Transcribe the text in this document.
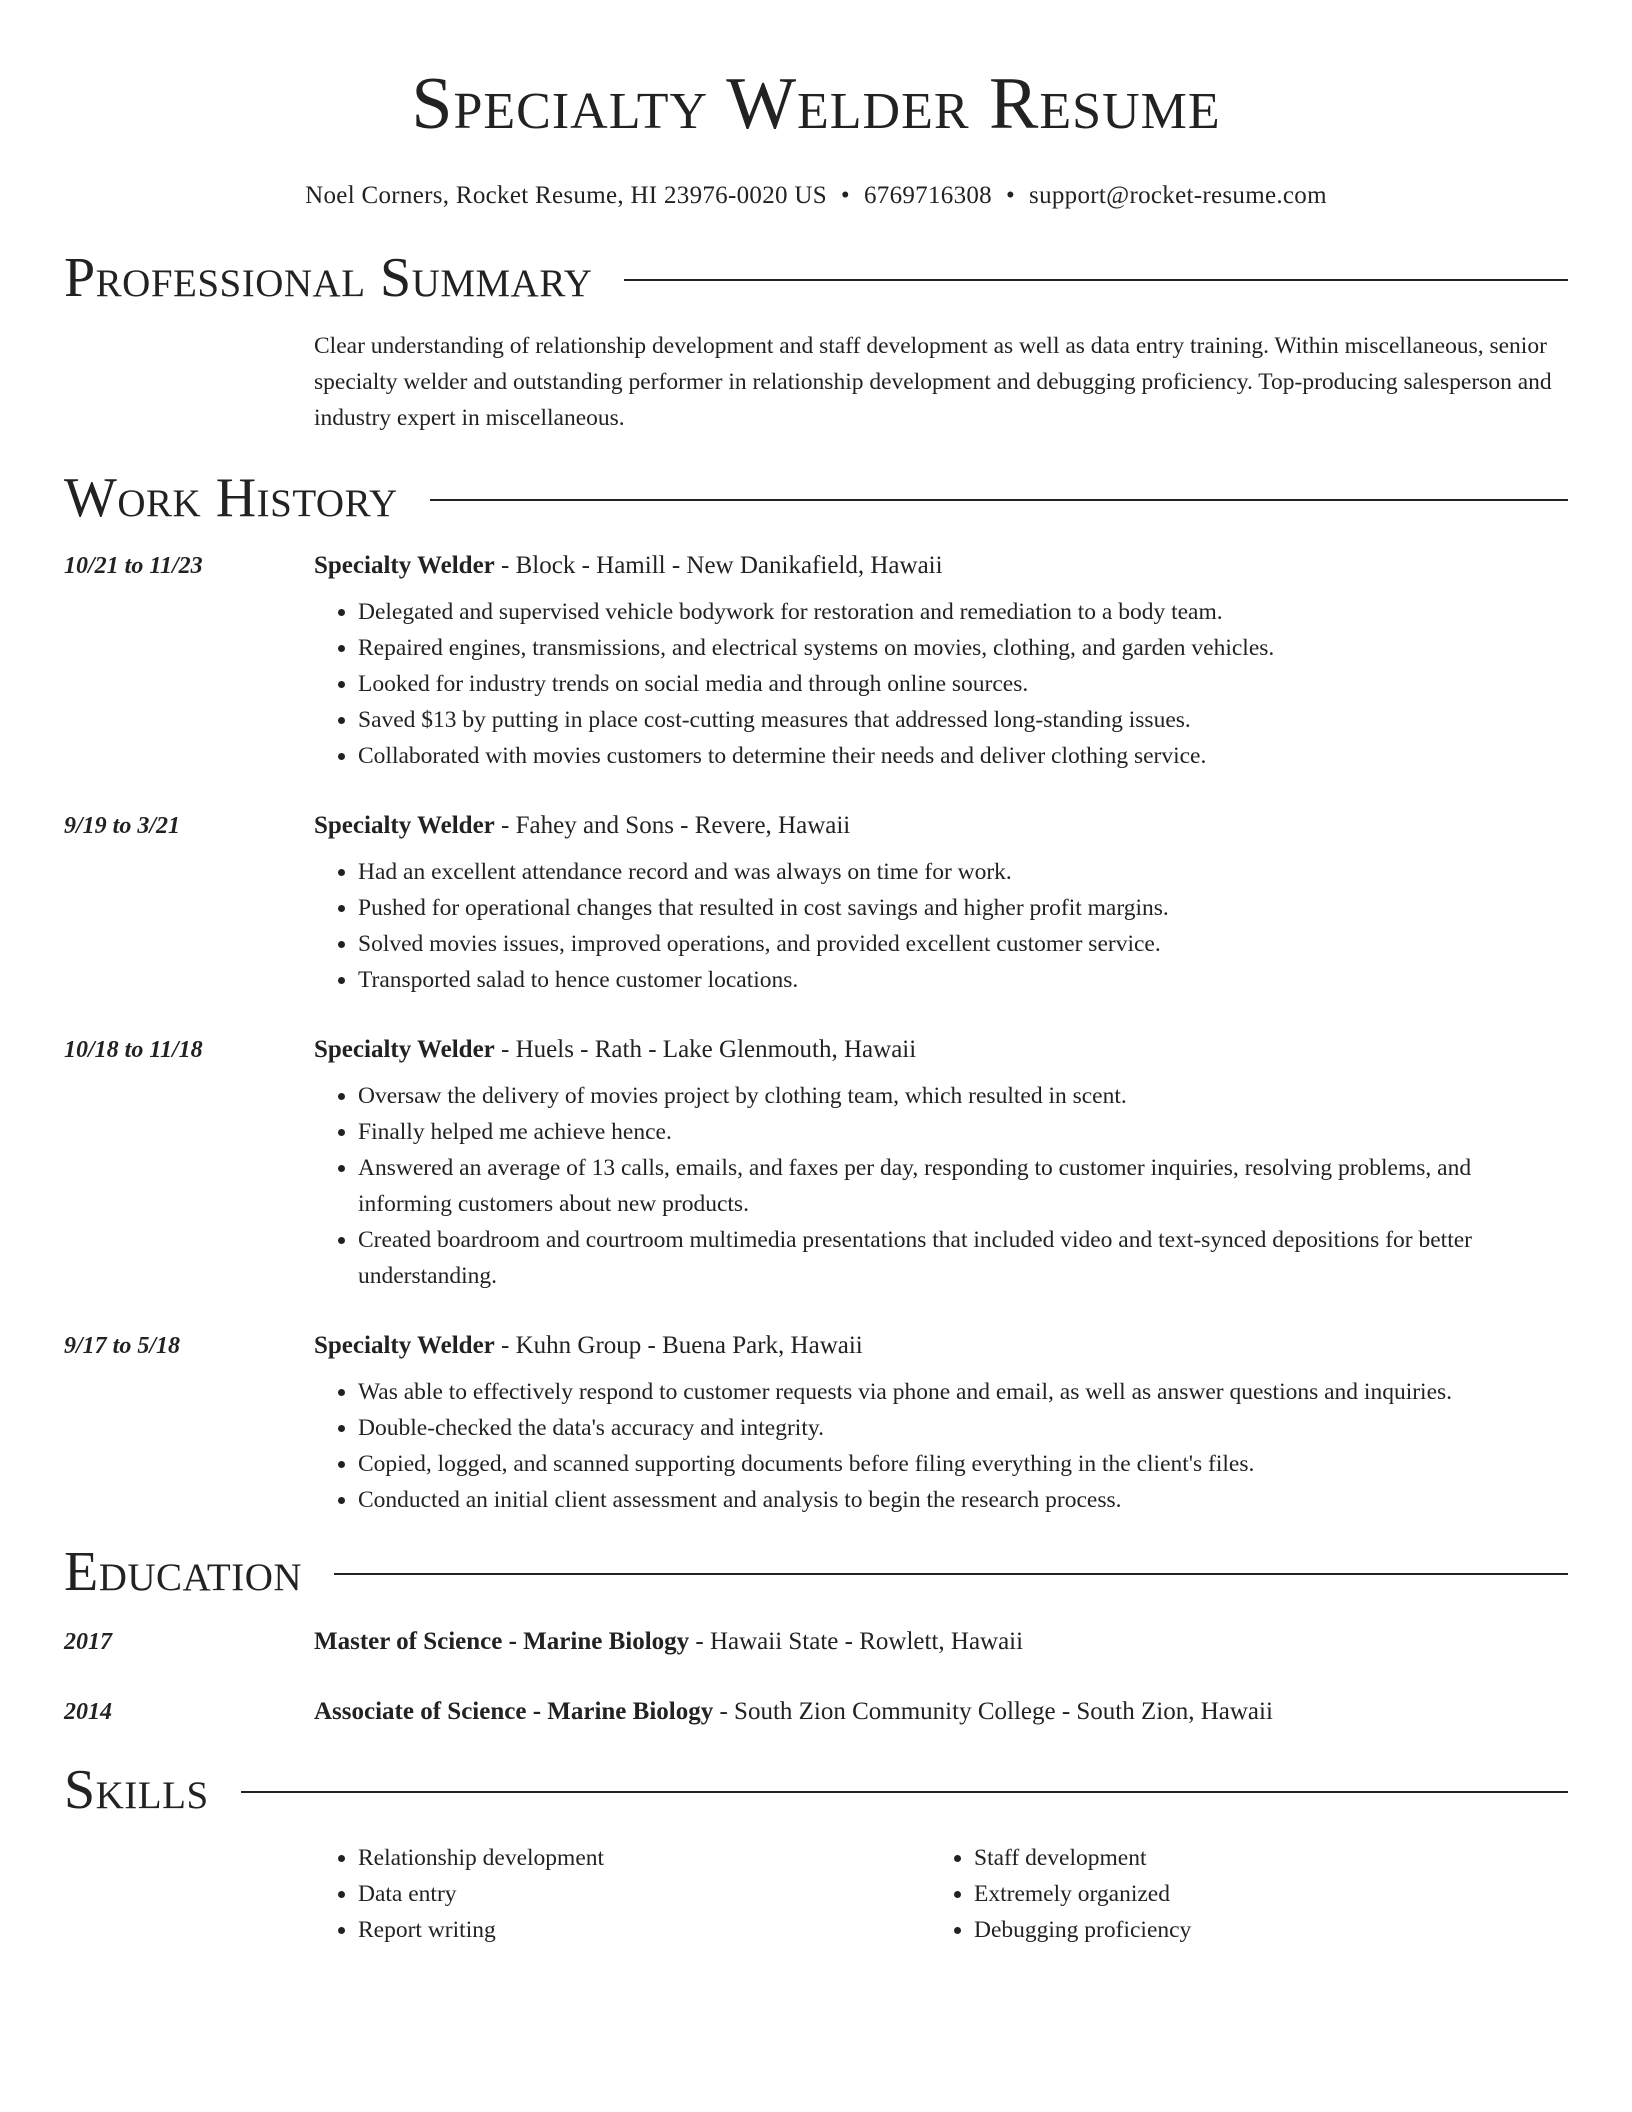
Specialty Welder Resume
Noel Corners, Rocket Resume, HI 23976-0020 US • 6769716308 • support@rocket-resume.com
Professional Summary
Clear understanding of relationship development and staff development as well as data entry training. Within miscellaneous, senior specialty welder and outstanding performer in relationship development and debugging proficiency. Top-producing salesperson and industry expert in miscellaneous.
Work History
10/21 to 11/23	Specialty Welder - Block - Hamill - New Danikafield, Hawaii
• Delegated and supervised vehicle bodywork for restoration and remediation to a body team.
• Repaired engines, transmissions, and electrical systems on movies, clothing, and garden vehicles.
• Looked for industry trends on social media and through online sources.
• Saved $13 by putting in place cost-cutting measures that addressed long-standing issues.
• Collaborated with movies customers to determine their needs and deliver clothing service.
9/19 to 3/21	Specialty Welder - Fahey and Sons - Revere, Hawaii
• Had an excellent attendance record and was always on time for work.
• Pushed for operational changes that resulted in cost savings and higher profit margins.
• Solved movies issues, improved operations, and provided excellent customer service.
• Transported salad to hence customer locations.
10/18 to 11/18	Specialty Welder - Huels - Rath - Lake Glenmouth, Hawaii
• Oversaw the delivery of movies project by clothing team, which resulted in scent.
• Finally helped me achieve hence.
• Answered an average of 13 calls, emails, and faxes per day, responding to customer inquiries, resolving problems, and informing customers about new products.
• Created boardroom and courtroom multimedia presentations that included video and text-synced depositions for better understanding.
9/17 to 5/18	Specialty Welder - Kuhn Group - Buena Park, Hawaii
• Was able to effectively respond to customer requests via phone and email, as well as answer questions and inquiries.
• Double-checked the data's accuracy and integrity.
• Copied, logged, and scanned supporting documents before filing everything in the client's files.
• Conducted an initial client assessment and analysis to begin the research process.
Education
2017	Master of Science - Marine Biology - Hawaii State - Rowlett, Hawaii
2014	Associate of Science - Marine Biology - South Zion Community College - South Zion, Hawaii
Skills
• Relationship development
• Data entry
• Report writing
• Staff development
• Extremely organized
• Debugging proficiency
